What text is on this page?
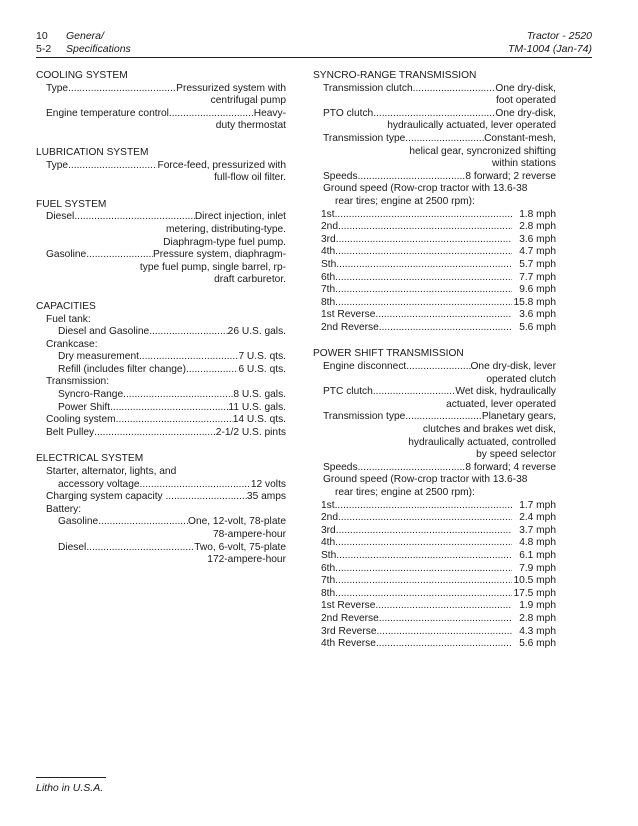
10 Genera/
5-2 Specifications
Tractor - 2520
TM-1004 (Jan-74)
COOLING SYSTEM
Type .....	Pressurized system with
centrifugal pump
Engine temperature control .....	Heavy-
duty thermostat
LUBRICATION SYSTEM
Type .....	Force-feed, pressurized with
full-flow oil filter.
FUEL SYSTEM
Diesel .....	Direct injection, inlet
metering, distributing-type.
Diaphragm-type fuel pump.
Gasoline .....	Pressure system, diaphragm-
type fuel pump, single barrel, rp-
draft carburetor.
CAPACITIES
Fuel tank:
Diesel and Gasoline .....	26 U.S. gals.
Crankcase:
Dry measurement .....	7 U.S. qts.
Refill (includes filter change) .....	6 U.S. qts.
Transmission:
Syncro-Range .....	8 U.S. gals.
Power Shift .....	11 U.S. gals.
Cooling system .....	14 U.S. qts.
Belt Pulley .....	2-1/2 U.S. pints
ELECTRICAL SYSTEM
Starter, alternator, lights, and
accessory voltage .....	12 volts
Charging system capacity ....... .....	35 amps
Battery:
Gasoline .....	One, 12-volt, 78-plate
78-ampere-hour
Diesel .....	Two, 6-volt, 75-plate
172-ampere-hour
SYNCRO-RANGE TRANSMISSION
Transmission clutch .....	One dry-disk,
foot operated
PTO clutch .....	One dry-disk,
hydraulically actuated, lever operated
Transmission type. .....	Constant-mesh,
helical gear, syncronized shifting
within stations
Speeds .....	8 forward; 2 reverse
Ground speed (Row-crop tractor with 13.6-38
rear tires; engine at 2500 rpm):
1st .....	1.8 mph
2nd .....	2.8 mph
3rd .....	3.6 mph
4th .....	4.7 mph
Sth .....	5.7 mph
6th .....	7.7 mph
7th .....	9.6 mph
8th .....	15.8 mph
1st Reverse .....	3.6 mph
2nd Reverse .....	5.6 mph
POWER SHIFT TRANSMISSION
Engine disconnect .....	One dry-disk, lever
operated clutch
PTC clutch .....	Wet disk, hydraulically
actuated, lever operated
Transmission type .....	Planetary gears,
clutches and brakes wet disk,
hydraulically actuated, controlled
by speed selector
Speeds .....	8 forward; 4 reverse
Ground speed (Row-crop tractor with 13.6-38
rear tires; engine at 2500 rpm):
1st .....	1.7 mph
2nd .....	2.4 mph
3rd .....	3.7 mph
4th .....	4.8 mph
Sth .....	6.1 mph
6th .....	7.9 mph
7th .....	10.5 mph
8th .....	17.5 mph
1st Reverse .....	1.9 mph
2nd Reverse .....	2.8 mph
3rd Reverse .....	4.3 mph
4th Reverse .....	5.6 mph
Litho in U.S.A.
